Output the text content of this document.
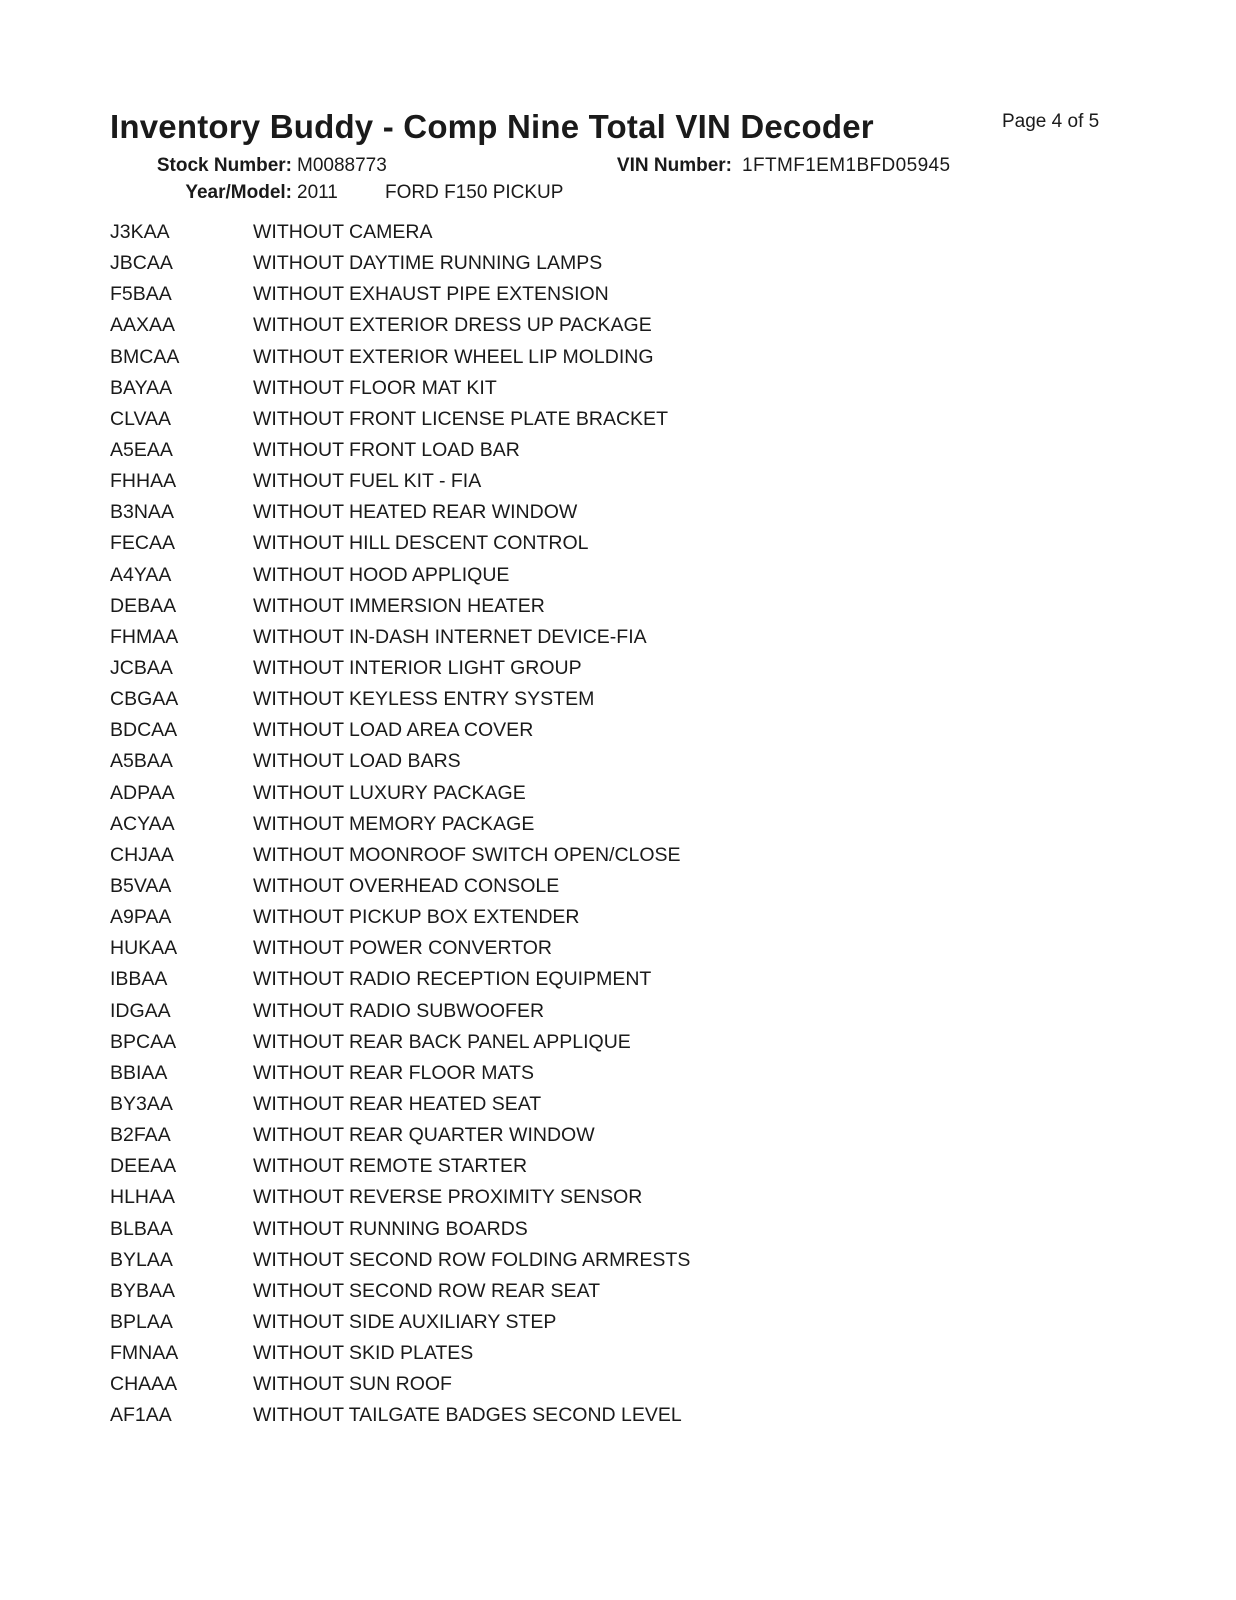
Inventory Buddy - Comp Nine Total VIN Decoder	Page 4 of 5
Stock Number: M0088773	VIN Number: 1FTMF1EM1BFD05945
Year/Model: 2011 FORD F150 PICKUP
J3KAA	WITHOUT CAMERA
JBCAA	WITHOUT DAYTIME RUNNING LAMPS
F5BAA	WITHOUT EXHAUST PIPE EXTENSION
AAXAA	WITHOUT EXTERIOR DRESS UP PACKAGE
BMCAA	WITHOUT EXTERIOR WHEEL LIP MOLDING
BAYAA	WITHOUT FLOOR MAT KIT
CLVAA	WITHOUT FRONT LICENSE PLATE BRACKET
A5EAA	WITHOUT FRONT LOAD BAR
FHHAA	WITHOUT FUEL KIT - FIA
B3NAA	WITHOUT HEATED REAR WINDOW
FECAA	WITHOUT HILL DESCENT CONTROL
A4YAA	WITHOUT HOOD APPLIQUE
DEBAA	WITHOUT IMMERSION HEATER
FHMAA	WITHOUT IN-DASH INTERNET DEVICE-FIA
JCBAA	WITHOUT INTERIOR LIGHT GROUP
CBGAA	WITHOUT KEYLESS ENTRY SYSTEM
BDCAA	WITHOUT LOAD AREA COVER
A5BAA	WITHOUT LOAD BARS
ADPAA	WITHOUT LUXURY PACKAGE
ACYAA	WITHOUT MEMORY PACKAGE
CHJAA	WITHOUT MOONROOF SWITCH OPEN/CLOSE
B5VAA	WITHOUT OVERHEAD CONSOLE
A9PAA	WITHOUT PICKUP BOX EXTENDER
HUKAA	WITHOUT POWER CONVERTOR
IBBAA	WITHOUT RADIO RECEPTION EQUIPMENT
IDGAA	WITHOUT RADIO SUBWOOFER
BPCAA	WITHOUT REAR BACK PANEL APPLIQUE
BBIAA	WITHOUT REAR FLOOR MATS
BY3AA	WITHOUT REAR HEATED SEAT
B2FAA	WITHOUT REAR QUARTER WINDOW
DEEAA	WITHOUT REMOTE STARTER
HLHAA	WITHOUT REVERSE PROXIMITY SENSOR
BLBAA	WITHOUT RUNNING BOARDS
BYLAA	WITHOUT SECOND ROW FOLDING ARMRESTS
BYBAA	WITHOUT SECOND ROW REAR SEAT
BPLAA	WITHOUT SIDE AUXILIARY STEP
FMNAA	WITHOUT SKID PLATES
CHAAA	WITHOUT SUN ROOF
AF1AA	WITHOUT TAILGATE BADGES SECOND LEVEL
